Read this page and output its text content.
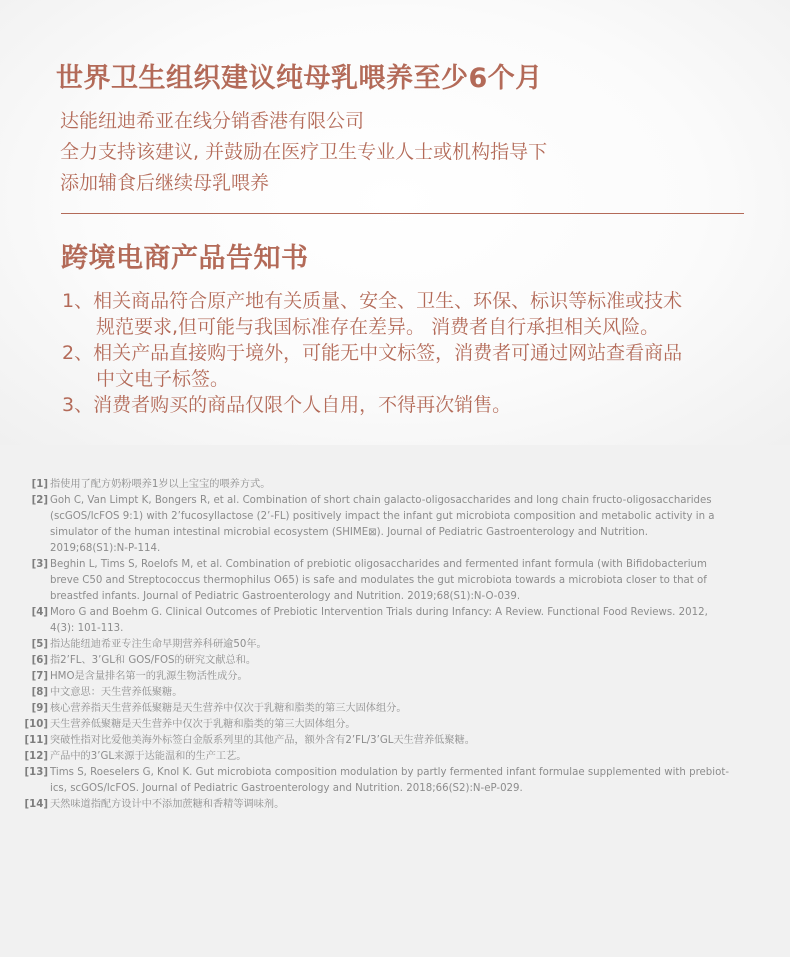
世界卫生组织建议纯母乳喂养至少6个月
达能纽迪希亚在线分销香港有限公司
全力支持该建议, 并鼓励在医疗卫生专业人士或机构指导下
添加辅食后继续母乳喂养
跨境电商产品告知书
1、相关商品符合原产地有关质量、安全、卫生、环保、标识等标准或技术
规范要求,但可能与我国标准存在差异。 消费者自行承担相关风险。
2、相关产品直接购于境外，可能无中文标签，消费者可通过网站查看商品
中文电子标签。
3、消费者购买的商品仅限个人自用，不得再次销售。
[1] 指使用了配方奶粉喂养1岁以上宝宝的喂养方式。
[2] Goh C, Van Limpt K, Bongers R, et al. Combination of short chain galacto-oligosaccharides and long chain fructo-oligosaccharides
(scGOS/lcFOS 9:1) with 2’fucosyllactose (2’-FL) positively impact the infant gut microbiota composition and metabolic activity in a
simulator of the human intestinal microbial ecosystem (SHIME⊠). Journal of Pediatric Gastroenterology and Nutrition.
2019;68(S1):N-P-114.
[3] Beghin L, Tims S, Roelofs M, et al. Combination of prebiotic oligosaccharides and fermented infant formula (with Bifidobacterium
breve C50 and Streptococcus thermophilus O65) is safe and modulates the gut microbiota towards a microbiota closer to that of
breastfed infants. Journal of Pediatric Gastroenterology and Nutrition. 2019;68(S1):N-O-039.
[4] Moro G and Boehm G. Clinical Outcomes of Prebiotic Intervention Trials during Infancy: A Review. Functional Food Reviews. 2012,
4(3): 101-113.
[5] 指达能纽迪希亚专注生命早期营养科研逾50年。
[6] 指2’FL、3’GL和 GOS/FOS的研究文献总和。
[7] HMO是含量排名第一的乳源生物活性成分。
[8] 中文意思：天生营养低聚糖。
[9] 核心营养指天生营养低聚糖是天生营养中仅次于乳糖和脂类的第三大固体组分。
[10] 天生营养低聚糖是天生营养中仅次于乳糖和脂类的第三大固体组分。
[11] 突破性指对比爱他美海外标签白金版系列里的其他产品，额外含有2’FL/3’GL天生营养低聚糖。
[12] 产品中的3’GL来源于达能温和的生产工艺。
[13] Tims S, Roeselers G, Knol K. Gut microbiota composition modulation by partly fermented infant formulae supplemented with prebiot-
ics, scGOS/lcFOS. Journal of Pediatric Gastroenterology and Nutrition. 2018;66(S2):N-eP-029.
[14] 天然味道指配方设计中不添加蔗糖和香精等调味剂。
